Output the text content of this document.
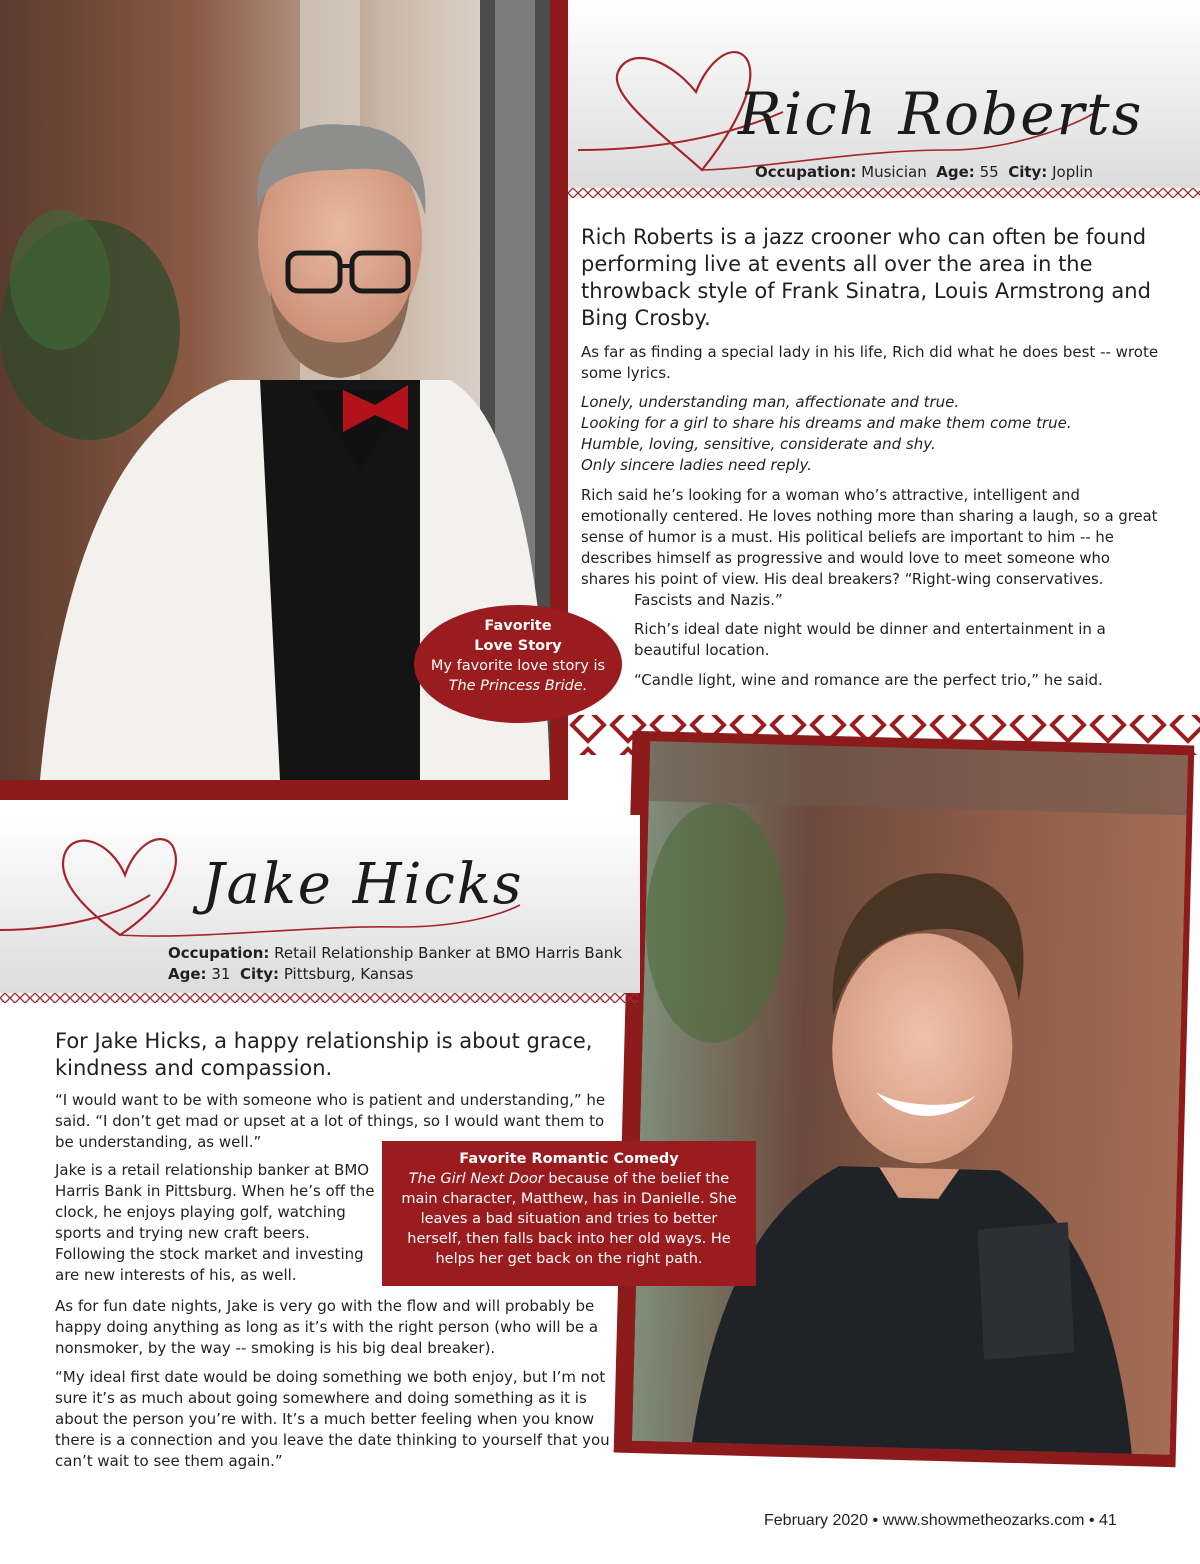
Rich Roberts
Occupation: Musician Age: 55 City: Joplin
Rich Roberts is a jazz crooner who can often be found performing live at events all over the area in the throwback style of Frank Sinatra, Louis Armstrong and Bing Crosby.

As far as finding a special lady in his life, Rich did what he does best -- wrote some lyrics.

Lonely, understanding man, affectionate and true.
Looking for a girl to share his dreams and make them come true.
Humble, loving, sensitive, considerate and shy.
Only sincere ladies need reply.

Rich said he’s looking for a woman who’s attractive, intelligent and emotionally centered. He loves nothing more than sharing a laugh, so a great sense of humor is a must. His political beliefs are important to him -- he describes himself as progressive and would love to meet someone who shares his point of view. His deal breakers? “Right-wing conservatives.

Fascists and Nazis.”

Rich’s ideal date night would be dinner and entertainment in a beautiful location.

“Candle light, wine and romance are the perfect trio,” he said.

Favorite
Love Story
My favorite love story is
The Princess Bride.
Jake Hicks
Occupation: Retail Relationship Banker at BMO Harris Bank
Age: 31 City: Pittsburg, Kansas
For Jake Hicks, a happy relationship is about grace, kindness and compassion.

“I would want to be with someone who is patient and understanding,” he said. “I don’t get mad or upset at a lot of things, so I would want them to be understanding, as well.”

Jake is a retail relationship banker at BMO Harris Bank in Pittsburg. When he’s off the clock, he enjoys playing golf, watching sports and trying new craft beers. Following the stock market and investing are new interests of his, as well.

As for fun date nights, Jake is very go with the flow and will probably be happy doing anything as long as it’s with the right person (who will be a nonsmoker, by the way -- smoking is his big deal breaker).

“My ideal first date would be doing something we both enjoy, but I’m not sure it’s as much about going somewhere and doing something as it is about the person you’re with. It’s a much better feeling when you know there is a connection and you leave the date thinking to yourself that you can’t wait to see them again.”

Favorite Romantic Comedy
The Girl Next Door because of the belief the main character, Matthew, has in Danielle. She leaves a bad situation and tries to better herself, then falls back into her old ways. He helps her get back on the right path.
February 2020 • www.showmetheozarks.com • 41
